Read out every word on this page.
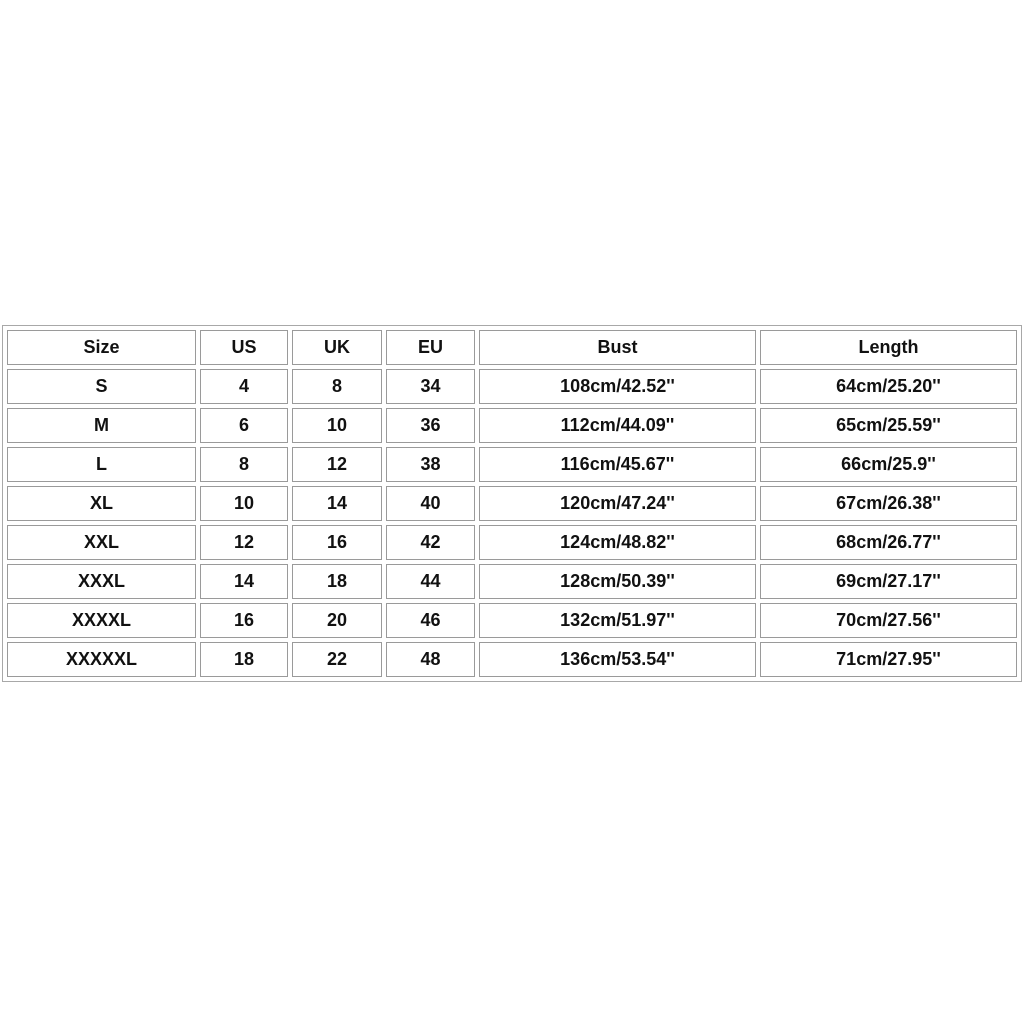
Size	US	UK	EU	Bust	Length
S	4	8	34	108cm/42.52''	64cm/25.20''
M	6	10	36	112cm/44.09''	65cm/25.59''
L	8	12	38	116cm/45.67''	66cm/25.9''
XL	10	14	40	120cm/47.24''	67cm/26.38''
XXL	12	16	42	124cm/48.82''	68cm/26.77''
XXXL	14	18	44	128cm/50.39''	69cm/27.17''
XXXXL	16	20	46	132cm/51.97''	70cm/27.56''
XXXXXL	18	22	48	136cm/53.54''	71cm/27.95''
